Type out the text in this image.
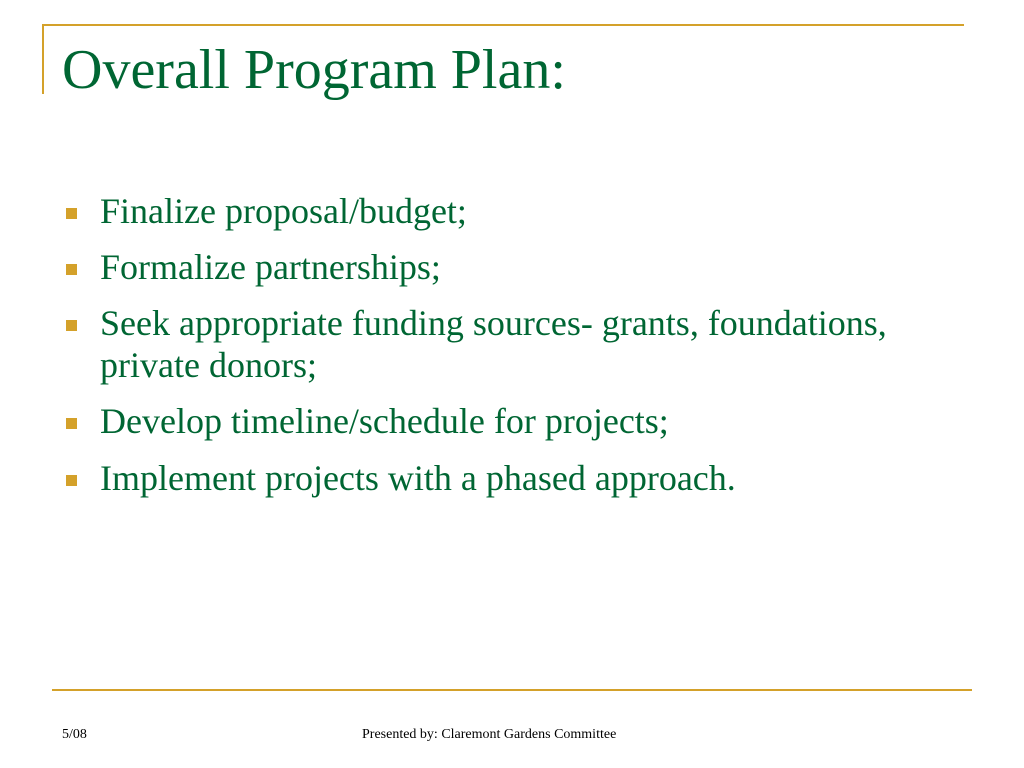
Overall Program Plan:
Finalize proposal/budget;
Formalize partnerships;
Seek appropriate funding sources- grants, foundations, private donors;
Develop timeline/schedule for projects;
Implement projects with a phased approach.
5/08	Presented by: Claremont Gardens Committee
